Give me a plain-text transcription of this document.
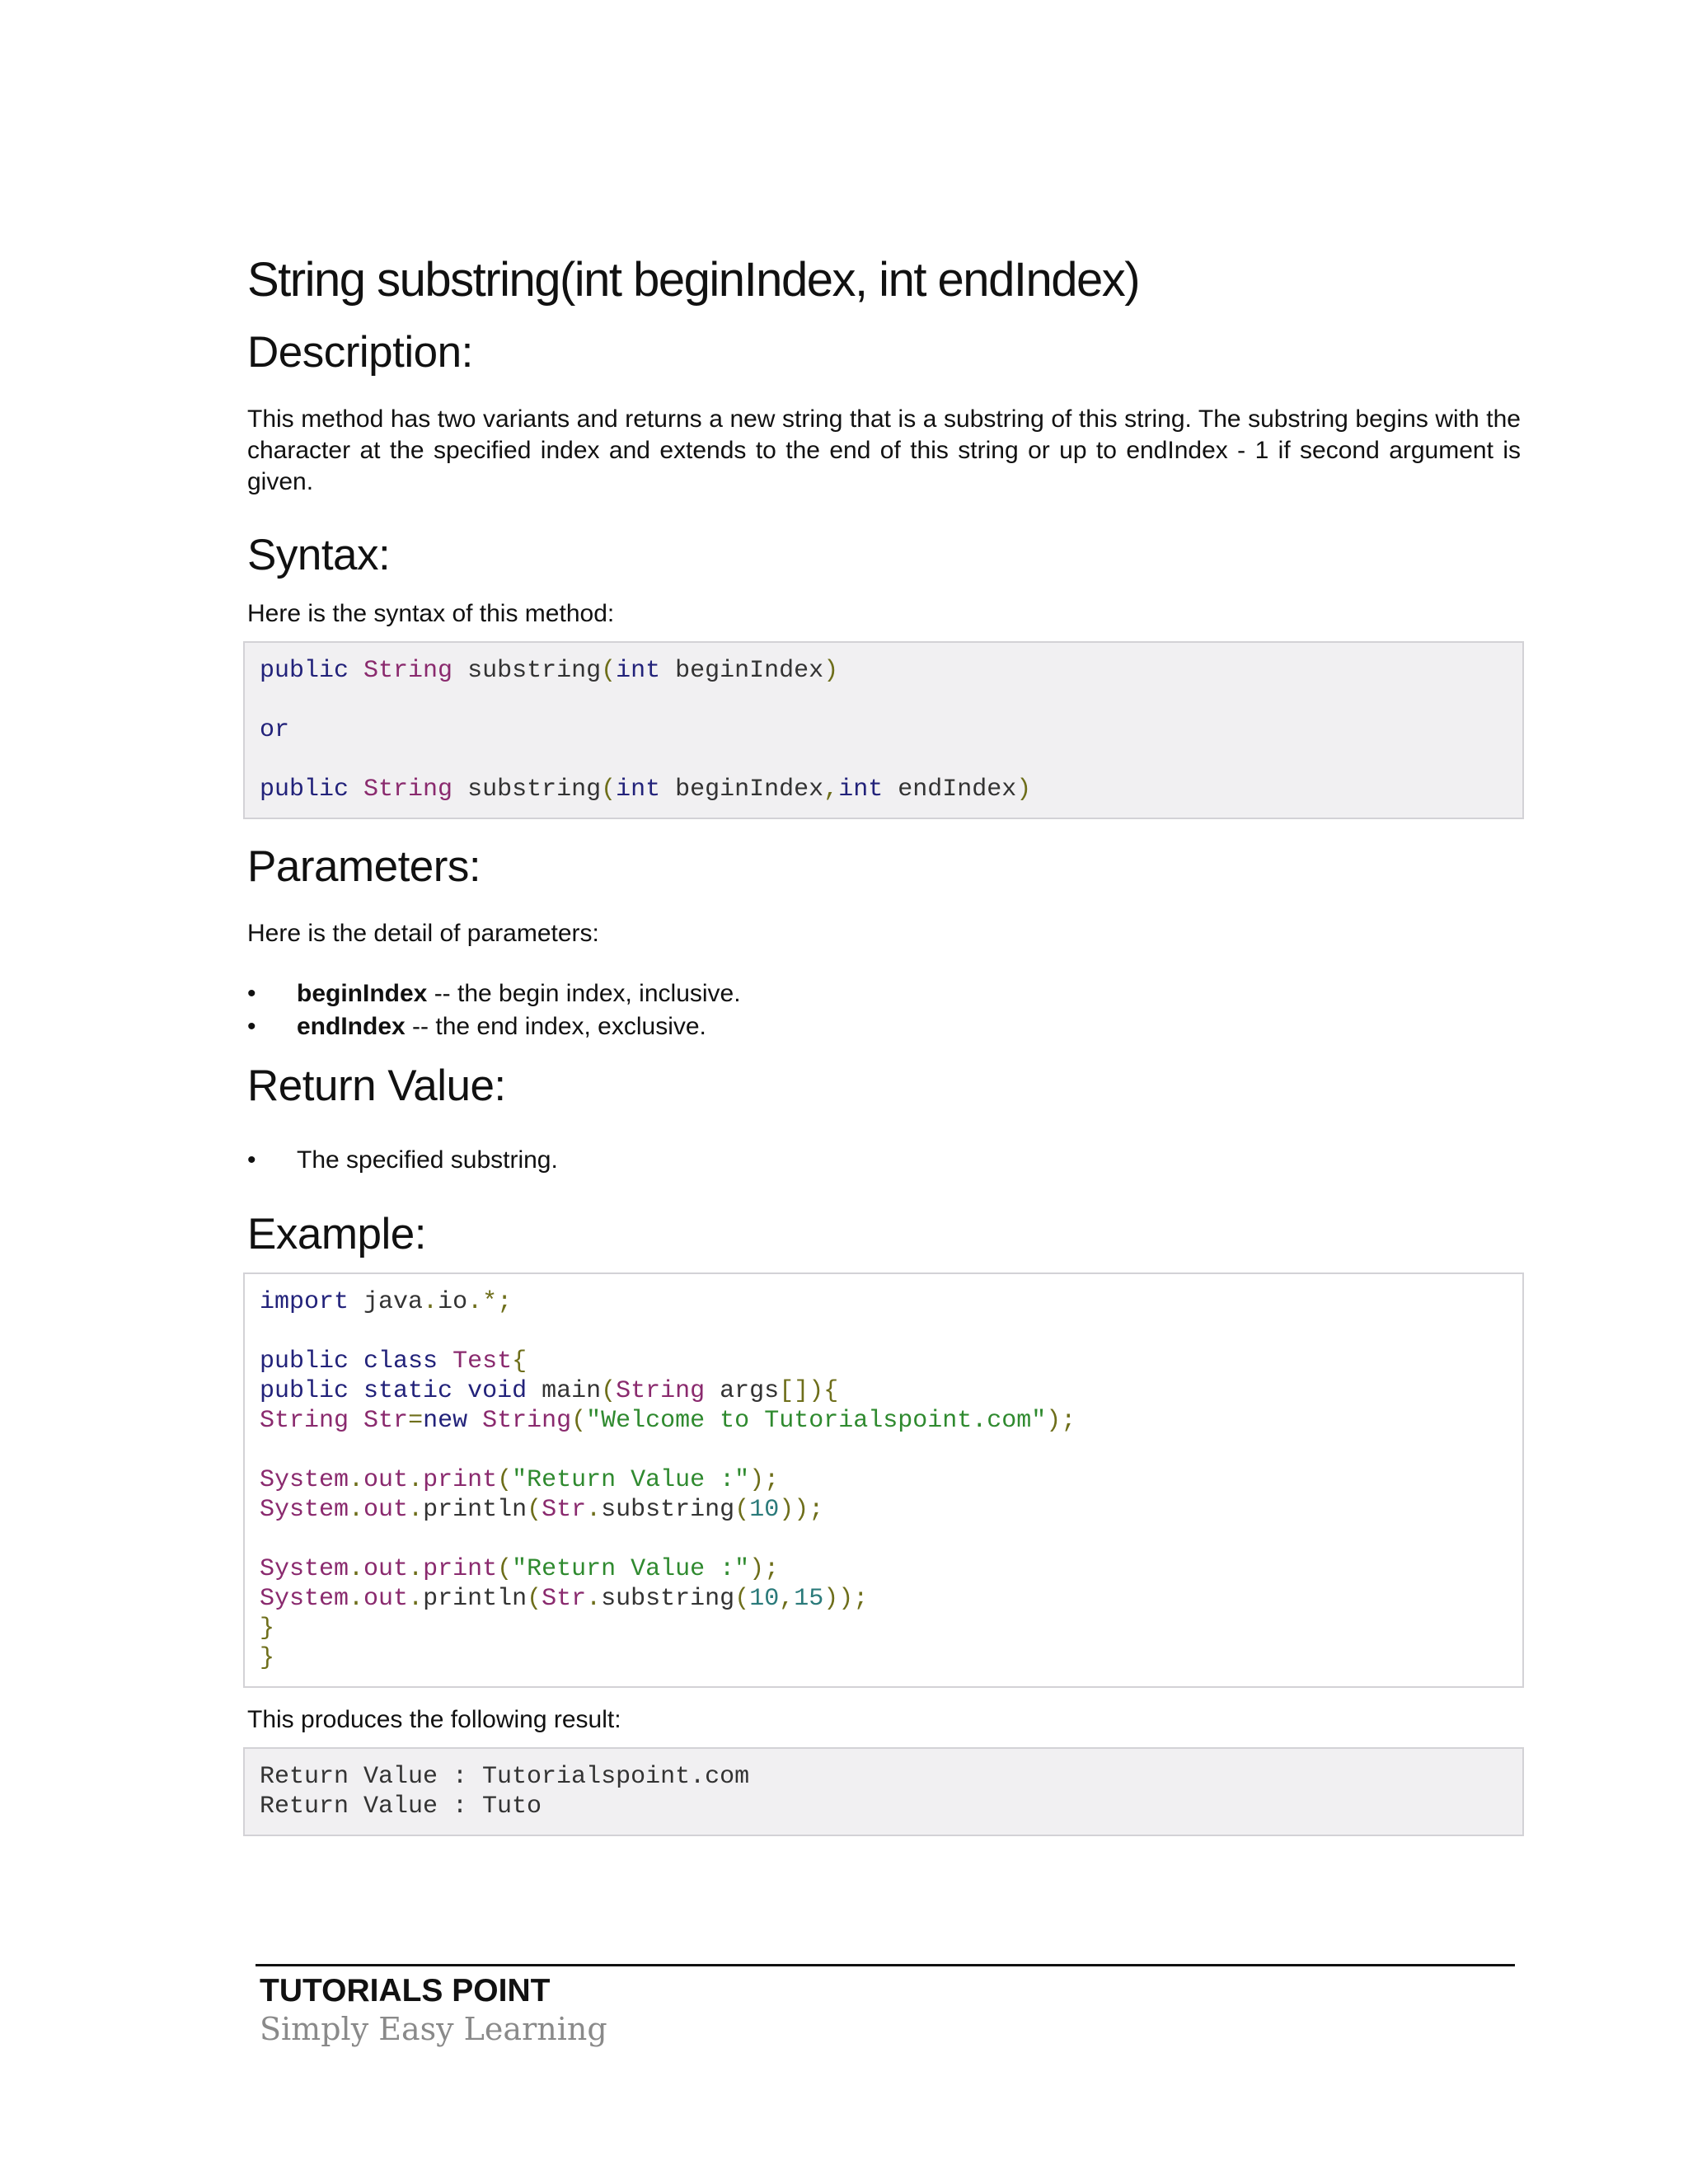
String substring(int beginIndex, int endIndex)
Description:

This method has two variants and returns a new string that is a substring of this string. The substring begins with the character at the specified index and extends to the end of this string or up to endIndex - 1 if second argument is given.

Syntax:

Here is the syntax of this method:

public String substring(int beginIndex)
or
public String substring(int beginIndex,int endIndex)
Parameters:

Here is the detail of parameters:

• beginIndex -- the begin index, inclusive.
• endIndex -- the end index, exclusive.
Return Value:
• The specified substring.
Example:
import java.io.*;
public class Test{
public static void main(String args[]){
String Str=new String("Welcome to Tutorialspoint.com");
System.out.print("Return Value :");
System.out.println(Str.substring(10));
System.out.print("Return Value :");
System.out.println(Str.substring(10,15));
}
}

This produces the following result:

Return Value : Tutorialspoint.com
Return Value : Tuto
TUTORIALS POINT
Simply Easy Learning
